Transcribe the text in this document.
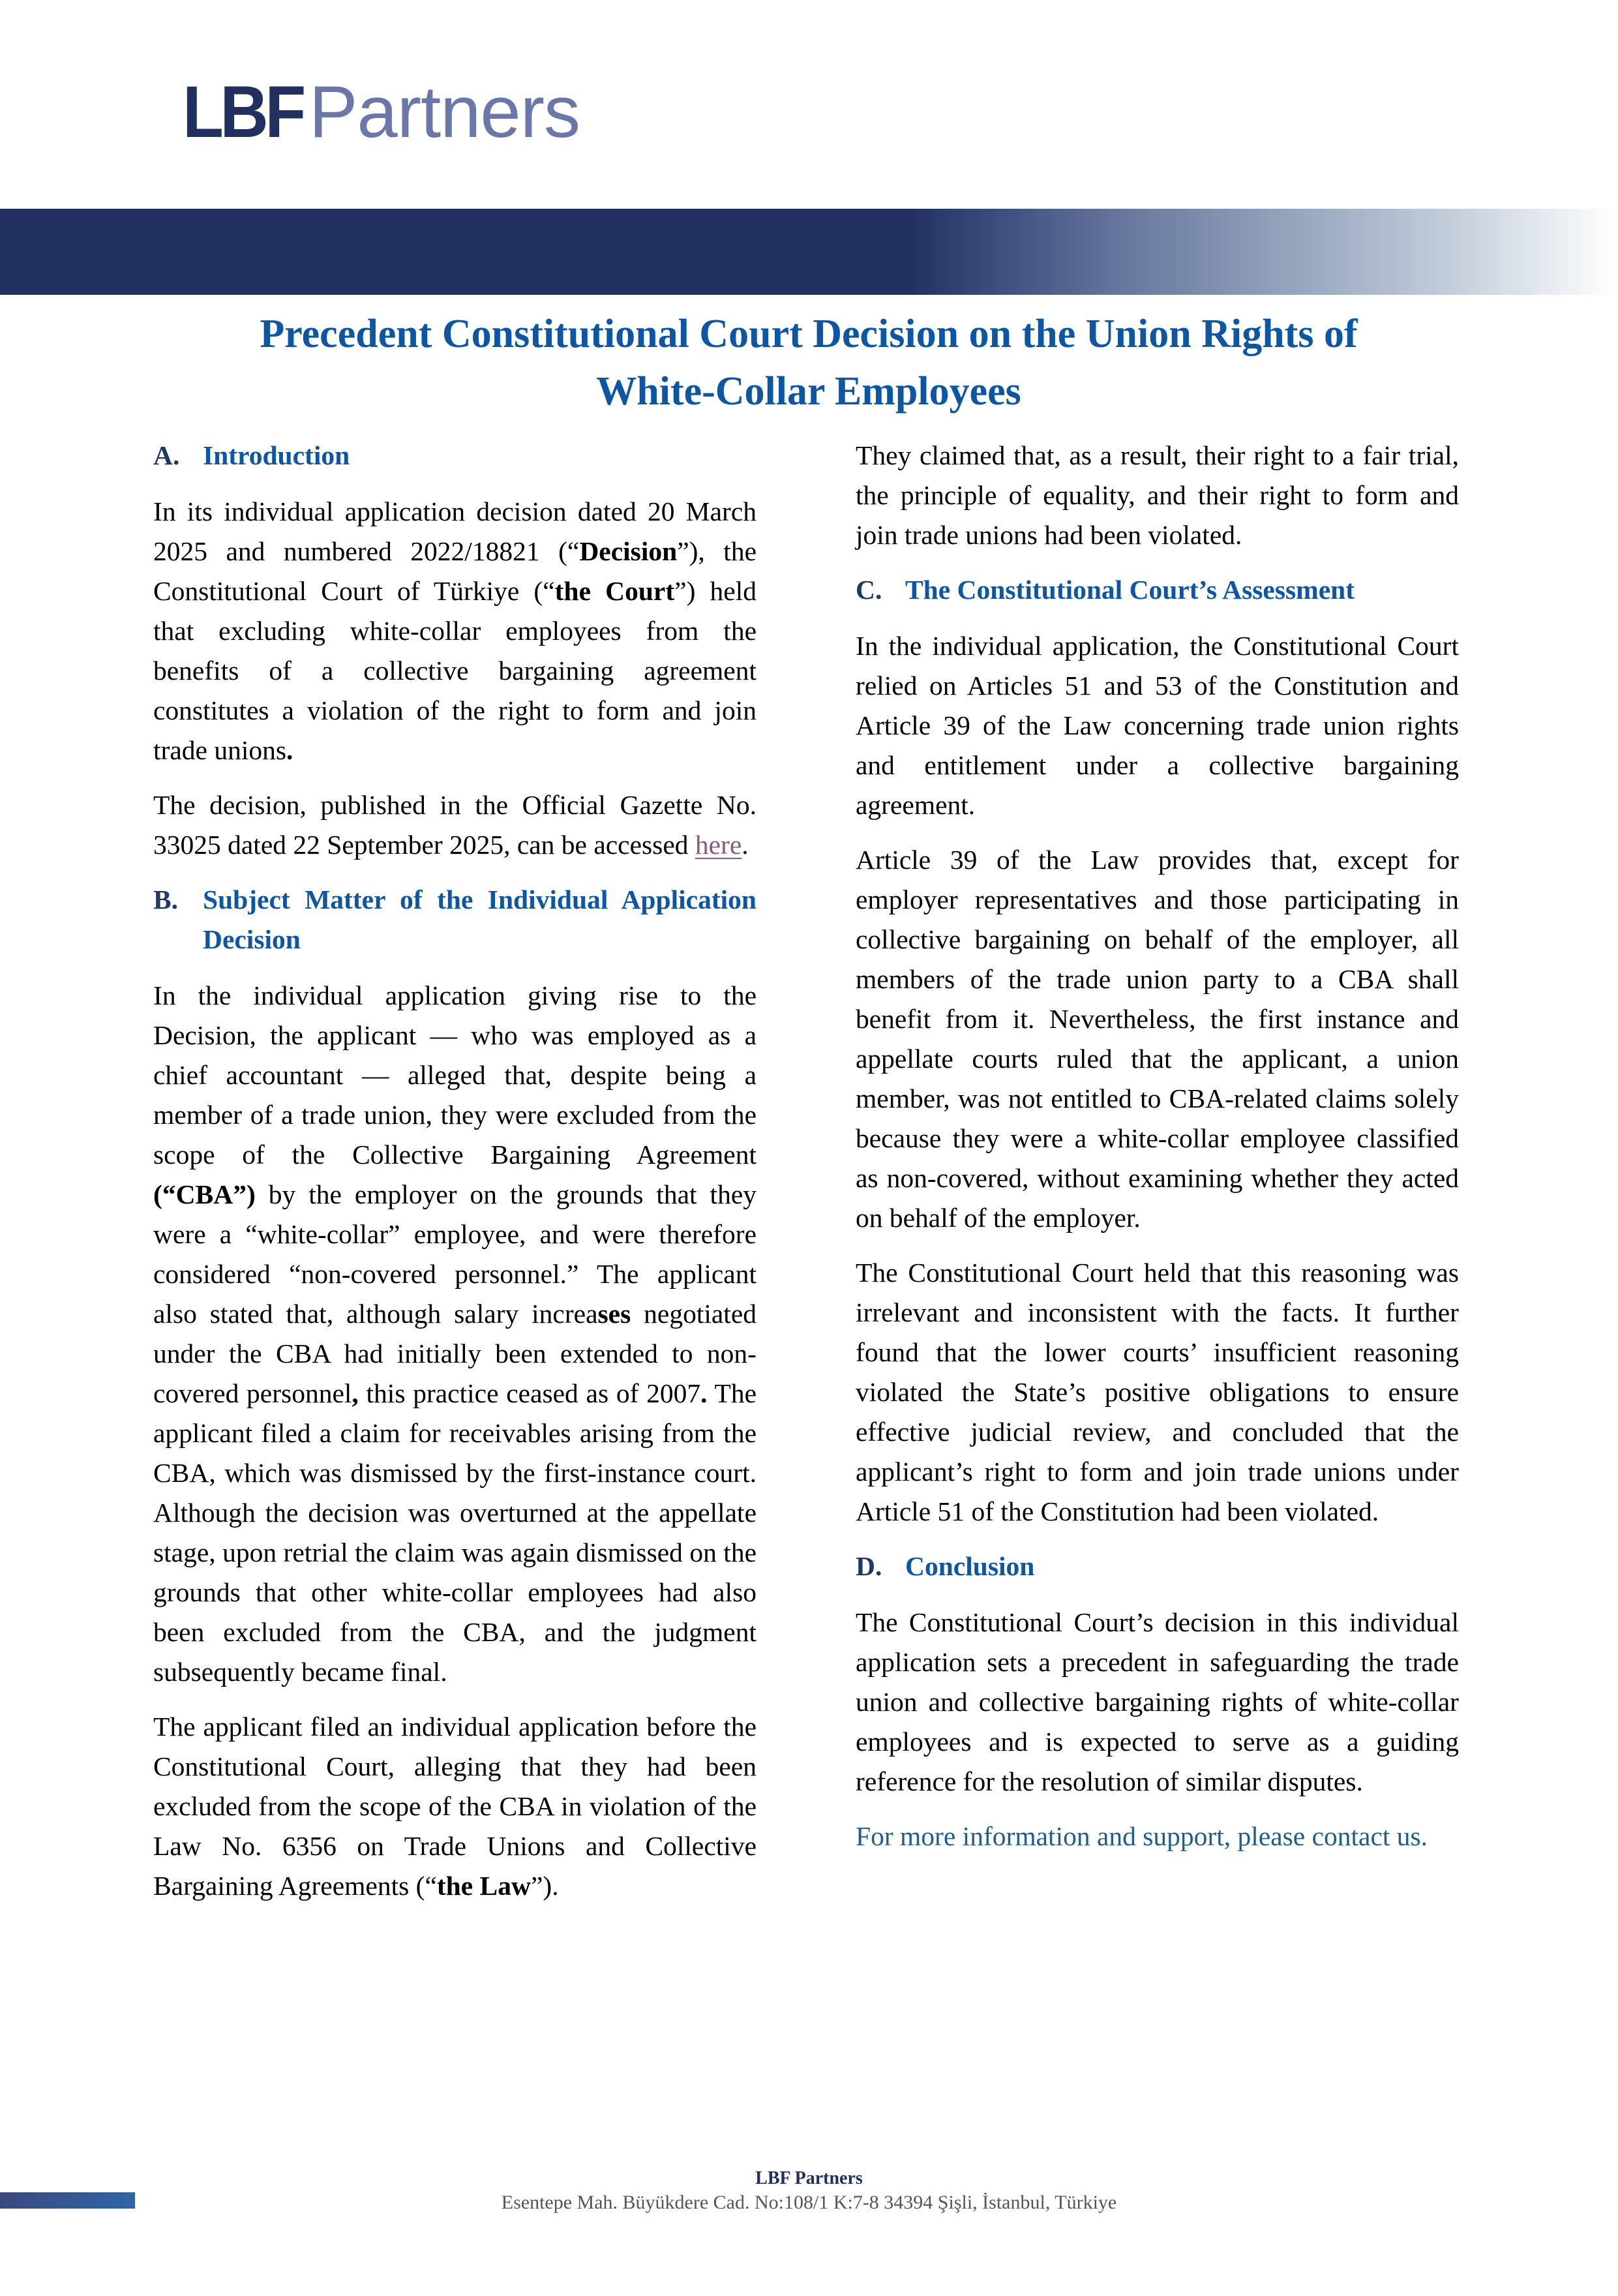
LBF Partners
Precedent Constitutional Court Decision on the Union Rights of
White-Collar Employees
A. Introduction

In its individual application decision dated 20 March 2025 and numbered 2022/18821 (“Decision”), the Constitutional Court of Türkiye (“the Court”) held that excluding white-collar employees from the benefits of a collective bargaining agreement constitutes a violation of the right to form and join trade unions.

The decision, published in the Official Gazette No. 33025 dated 22 September 2025, can be accessed here.

B. Subject Matter of the Individual Application Decision

In the individual application giving rise to the Decision, the applicant — who was employed as a chief accountant — alleged that, despite being a member of a trade union, they were excluded from the scope of the Collective Bargaining Agreement (“CBA”) by the employer on the grounds that they were a “white-collar” employee, and were therefore considered “non-covered personnel.” The applicant also stated that, although salary increases negotiated under the CBA had initially been extended to non-covered personnel, this practice ceased as of 2007. The applicant filed a claim for receivables arising from the CBA, which was dismissed by the first-instance court. Although the decision was overturned at the appellate stage, upon retrial the claim was again dismissed on the grounds that other white-collar employees had also been excluded from the CBA, and the judgment subsequently became final.

The applicant filed an individual application before the Constitutional Court, alleging that they had been excluded from the scope of the CBA in violation of the Law No. 6356 on Trade Unions and Collective Bargaining Agreements (“the Law”).

They claimed that, as a result, their right to a fair trial, the principle of equality, and their right to form and join trade unions had been violated.

C. The Constitutional Court’s Assessment

In the individual application, the Constitutional Court relied on Articles 51 and 53 of the Constitution and Article 39 of the Law concerning trade union rights and entitlement under a collective bargaining agreement.

Article 39 of the Law provides that, except for employer representatives and those participating in collective bargaining on behalf of the employer, all members of the trade union party to a CBA shall benefit from it. Nevertheless, the first instance and appellate courts ruled that the applicant, a union member, was not entitled to CBA-related claims solely because they were a white-collar employee classified as non-covered, without examining whether they acted on behalf of the employer.

The Constitutional Court held that this reasoning was irrelevant and inconsistent with the facts. It further found that the lower courts’ insufficient reasoning violated the State’s positive obligations to ensure effective judicial review, and concluded that the applicant’s right to form and join trade unions under Article 51 of the Constitution had been violated.

D. Conclusion

The Constitutional Court’s decision in this individual application sets a precedent in safeguarding the trade union and collective bargaining rights of white-collar employees and is expected to serve as a guiding reference for the resolution of similar disputes.

For more information and support, please contact us.

LBF Partners
Esentepe Mah. Büyükdere Cad. No:108/1 K:7-8 34394 Şişli, İstanbul, Türkiye
